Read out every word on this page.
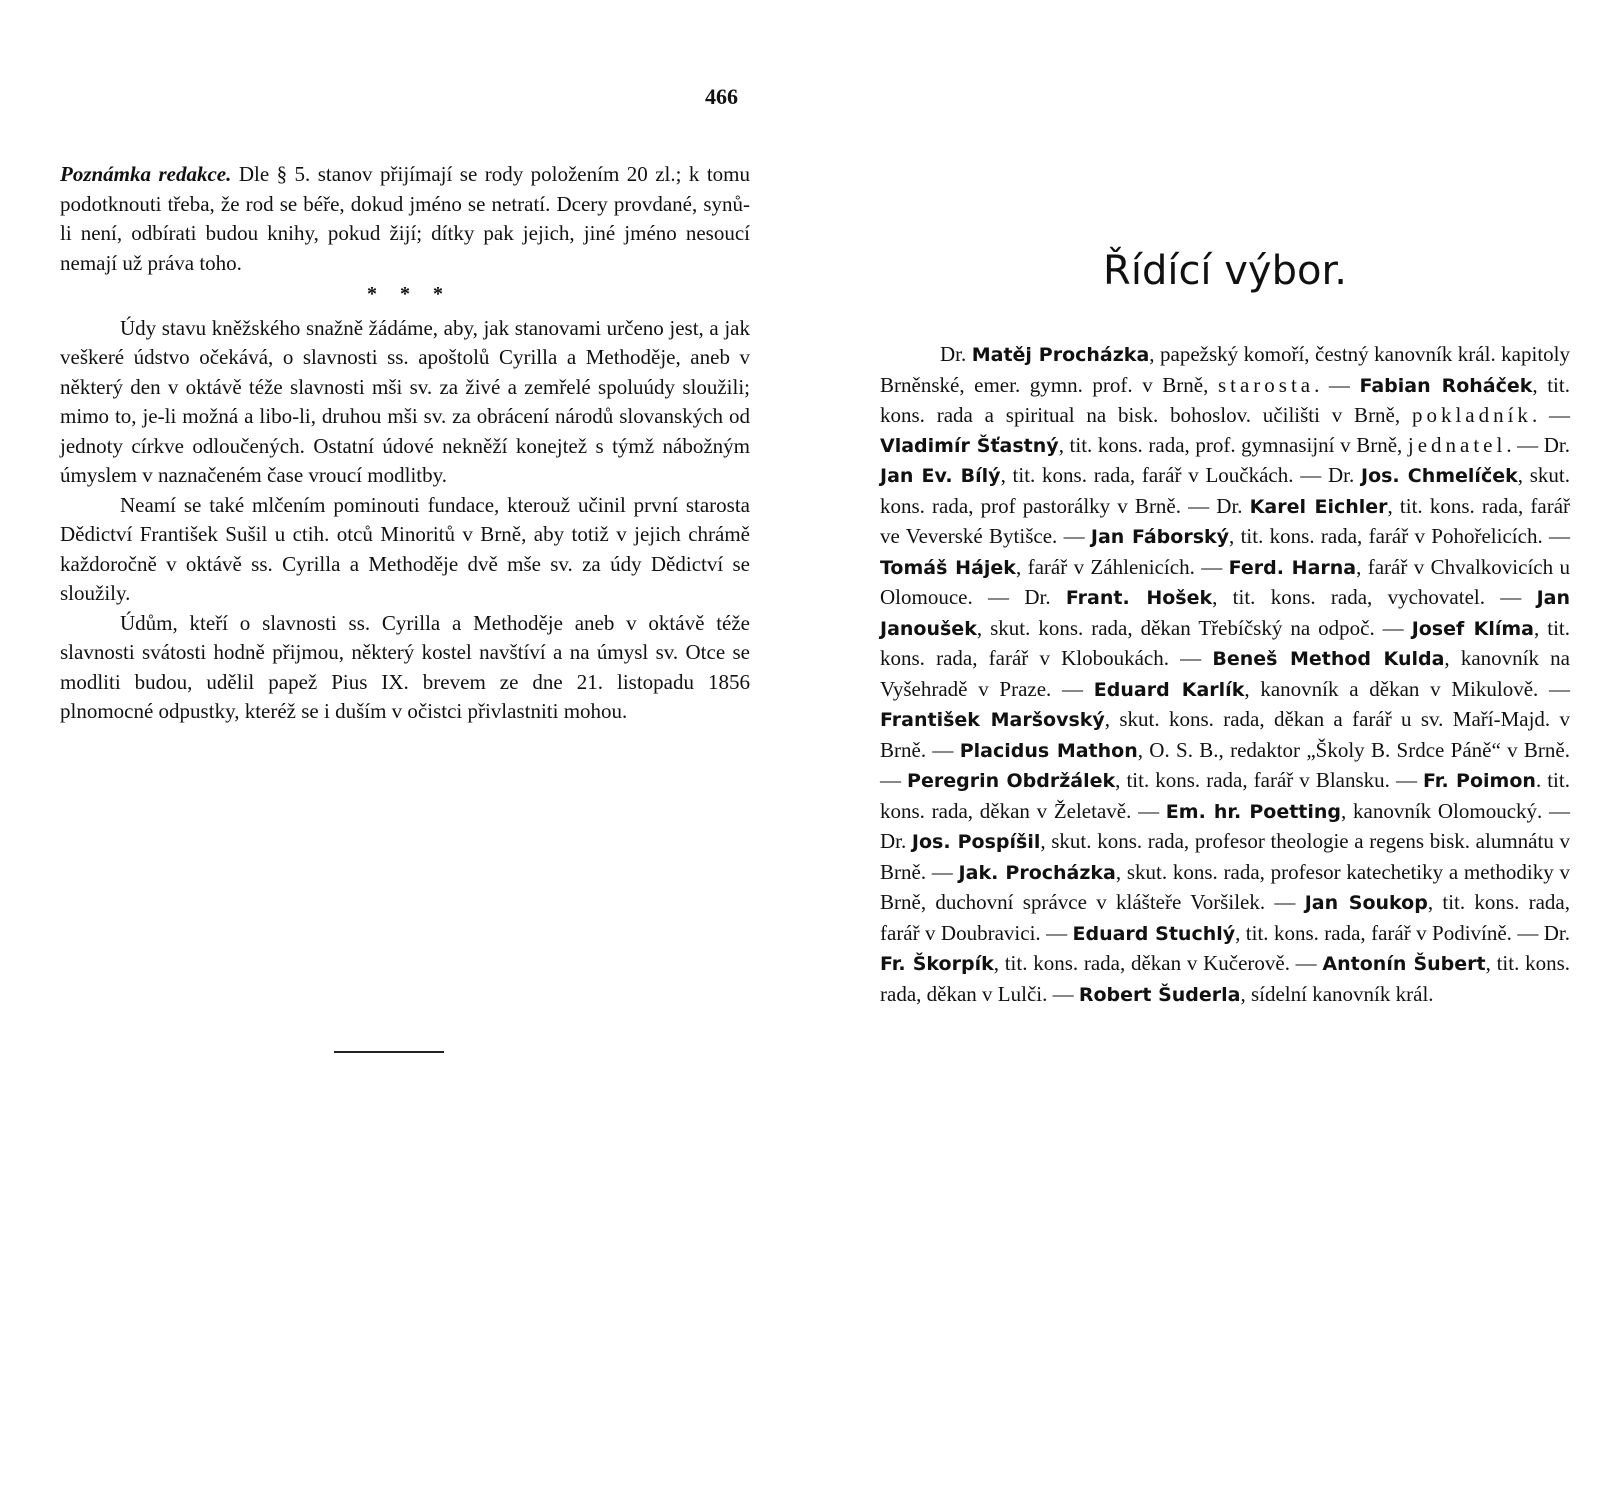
466

Poznámka redakce. Dle § 5. stanov přijímají se rody položením 20 zl.; k tomu podotknouti třeba, že rod se béře, dokud jméno se netratí. Dcery provdané, synů-li není, odbírati budou knihy, pokud žijí; dítky pak jejich, jiné jméno nesoucí nemají už práva toho.

* * *

Údy stavu kněžského snažně žádáme, aby, jak stanovami určeno jest, a jak veškeré údstvo očekává, o slavnosti ss. apoštolů Cyrilla a Methoděje, aneb v některý den v oktávě téže slavnosti mši sv. za živé a zemřelé spoluúdy sloužili; mimo to, je-li možná a libo-li, druhou mši sv. za obrácení národů slovanských od jednoty církve odloučených. Ostatní údové nekněží konejtež s týmž nábožným úmyslem v naznačeném čase vroucí modlitby.

Neamí se také mlčením pominouti fundace, kterouž učinil první starosta Dědictví František Sušil u ctih. otců Minoritů v Brně, aby totiž v jejich chrámě každoročně v oktávě ss. Cyrilla a Methoděje dvě mše sv. za údy Dědictví se sloužily.

Údům, kteří o slavnosti ss. Cyrilla a Methoděje aneb v oktávě téže slavnosti svátosti hodně přijmou, některý kostel navštíví a na úmysl sv. Otce se modliti budou, udělil papež Pius IX. brevem ze dne 21. listopadu 1856 plnomocné odpustky, kteréž se i duším v očistci přivlastniti mohou.

Řídící výbor.

Dr. Matěj Procházka, papežský komoří, čestný kanovník král. kapitoly Brněnské, emer. gymn. prof. v Brně, starosta. — Fabian Roháček, tit. kons. rada a spiritual na bisk. bohoslov. učilišti v Brně, pokladník. — Vladimír Šťastný, tit. kons. rada, prof. gymnasijní v Brně, jednatel. — Dr. Jan Ev. Bílý, tit. kons. rada, farář v Loučkách. — Dr. Jos. Chmelíček, skut. kons. rada, prof pastorálky v Brně. — Dr. Karel Eichler, tit. kons. rada, farář ve Veverské Bytišce. — Jan Fáborský, tit. kons. rada, farář v Pohořelicích. — Tomáš Hájek, farář v Záhlenicích. — Ferd. Harna, farář v Chvalkovicích u Olomouce. — Dr. Frant. Hošek, tit. kons. rada, vychovatel. — Jan Janoušek, skut. kons. rada, děkan Třebíčský na odpoč. — Josef Klíma, tit. kons. rada, farář v Kloboukách. — Beneš Method Kulda, kanovník na Vyšehradě v Praze. — Eduard Karlík, kanovník a děkan v Mikulově. — František Maršovský, skut. kons. rada, děkan a farář u sv. Maří-Majd. v Brně. — Placidus Mathon, O. S. B., redaktor „Školy B. Srdce Páně“ v Brně. — Peregrin Obdržálek, tit. kons. rada, farář v Blansku. — Fr. Poimon. tit. kons. rada, děkan v Želetavě. — Em. hr. Poetting, kanovník Olomoucký. — Dr. Jos. Pospíšil, skut. kons. rada, profesor theologie a regens bisk. alumnátu v Brně. — Jak. Procházka, skut. kons. rada, profesor katechetiky a methodiky v Brně, duchovní správce v klášteře Voršilek. — Jan Soukop, tit. kons. rada, farář v Doubravici. — Eduard Stuchlý, tit. kons. rada, farář v Podivíně. — Dr. Fr. Škorpík, tit. kons. rada, děkan v Kučerově. — Antonín Šubert, tit. kons. rada, děkan v Lulči. — Robert Šuderla, sídelní kanovník král.
